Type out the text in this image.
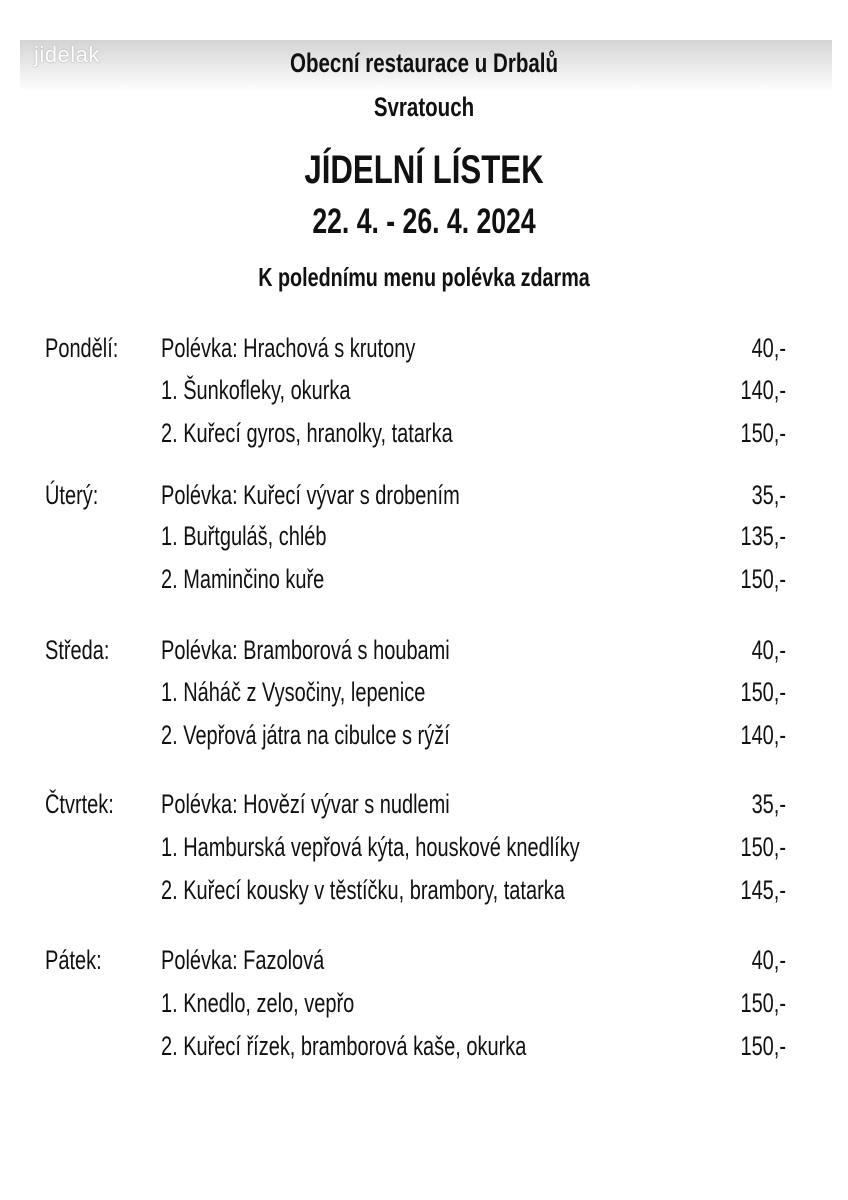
jidelak	Obecní restaurace u Drbalů
Svratouch
JÍDELNÍ LÍSTEK
22. 4. - 26. 4. 2024
K polednímu menu polévka zdarma
Pondělí: Polévka: Hrachová s krutony	40,-
1. Šunkofleky, okurka	140,-
2. Kuřecí gyros, hranolky, tatarka	150,-
Úterý: Polévka: Kuřecí vývar s drobením	35,-
1. Buřtguláš, chléb	135,-
2. Maminčino kuře	150,-
Středa: Polévka: Bramborová s houbami	40,-
1. Náháč z Vysočiny, lepenice	150,-
2. Vepřová játra na cibulce s rýží	140,-
Čtvrtek: Polévka: Hovězí vývar s nudlemi	35,-
1. Hamburská vepřová kýta, houskové knedlíky	150,-
2. Kuřecí kousky v těstíčku, brambory, tatarka	145,-
Pátek: Polévka: Fazolová	40,-
1. Knedlo, zelo, vepřo	150,-
2. Kuřecí řízek, bramborová kaše, okurka	150,-
